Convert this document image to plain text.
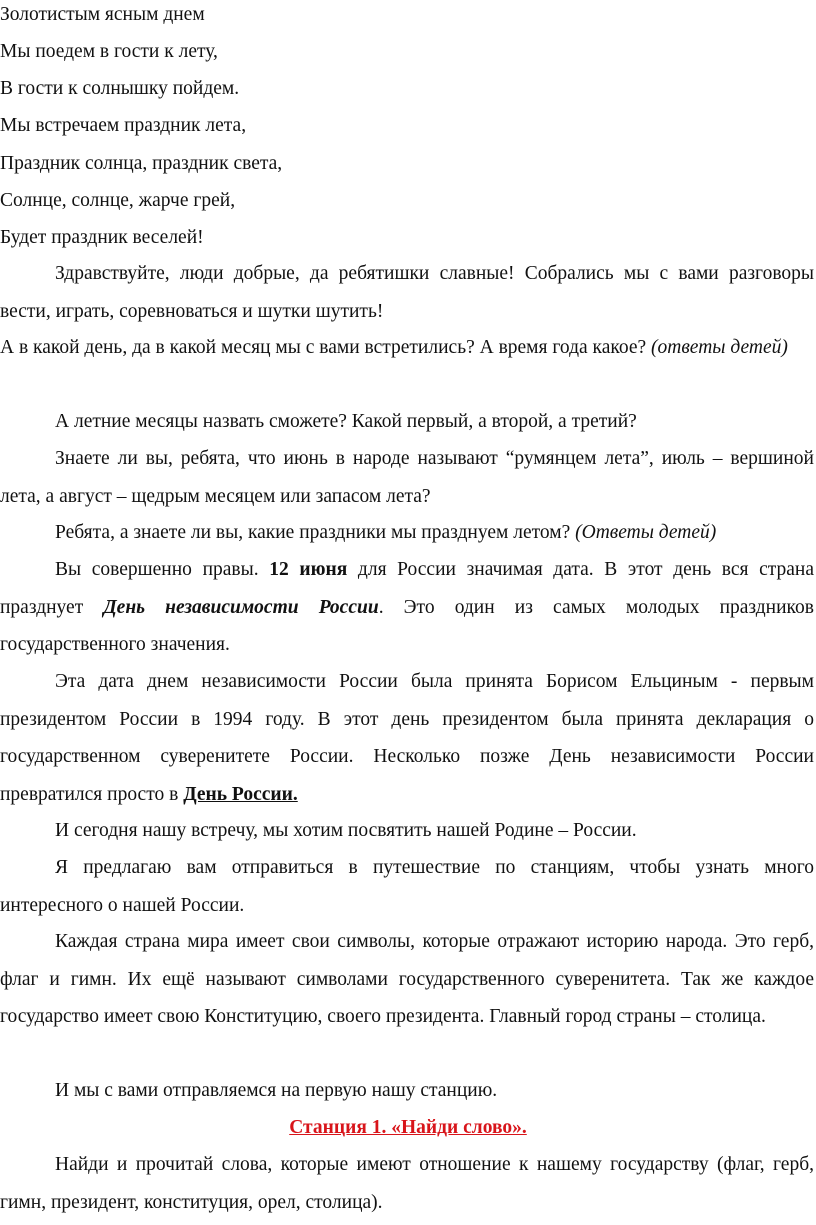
Золотистым ясным днем

Мы поедем в гости к лету,

В гости к солнышку пойдем.

Мы встречаем праздник лета,

Праздник солнца, праздник света,

Солнце, солнце, жарче грей,

Будет праздник веселей!

Здравствуйте, люди добрые, да ребятишки славные! Собрались мы с вами разговоры вести, играть, соревноваться и шутки шутить!

А в какой день, да в какой месяц мы с вами встретились? А время года какое? (ответы детей)

А летние месяцы назвать сможете? Какой первый, а второй, а третий?

Знаете ли вы, ребята, что июнь в народе называют “румянцем лета”, июль – вершиной лета, а август – щедрым месяцем или запасом лета?

Ребята, а знаете ли вы, какие праздники мы празднуем летом? (Ответы детей)

Вы совершенно правы. 12 июня для России значимая дата. В этот день вся страна празднует День независимости России. Это один из самых молодых праздников государственного значения.

Эта дата днем независимости России была принята Борисом Ельциным - первым президентом России в 1994 году. В этот день президентом была принята декларация о государственном суверенитете России. Несколько позже День независимости России превратился просто в День России.

И сегодня нашу встречу, мы хотим посвятить нашей Родине – России.

Я предлагаю вам отправиться в путешествие по станциям, чтобы узнать много интересного о нашей России.

Каждая страна мира имеет свои символы, которые отражают историю народа. Это герб, флаг и гимн. Их ещё называют символами государственного суверенитета. Так же каждое государство имеет свою Конституцию, своего президента. Главный город страны – столица.

И мы с вами отправляемся на первую нашу станцию.

Станция 1. «Найди слово».

Найди и прочитай слова, которые имеют отношение к нашему государству (флаг, герб, гимн, президент, конституция, орел, столица).
